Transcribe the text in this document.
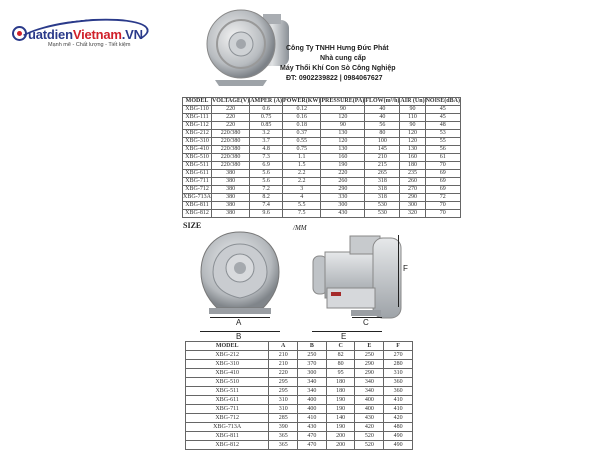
uatdienVietnam.VN
Mạnh mẽ - Chất lượng - Tiết kiệm	Công Ty TNHH Hưng Đức Phát
Nhà cung cấp
Máy Thổi Khí Con Sò Công Nghiệp
ĐT: 0902239822 | 0984067627
MODEL	VOLTAGE(V)	AMPER (A)	POWER(KW)	PRESSURE(PA)	FLOW(m³/h)	AIR (Un)	NOISE(dBA)
XBG-110	220	0.6	0.12	90	40	90	45
XBG-111	220	0.75	0.16	120	40	110	45
XBG-112	220	0.85	0.18	90	56	90	48
XBG-212	220/380	3.2	0.37	130	80	120	53
XBG-310	220/380	3.7	0.55	120	100	120	55
XBG-410	220/380	4.8	0.75	130	145	130	56
XBG-510	220/380	7.3	1.1	160	210	160	61
XBG-511	220/380	6.9	1.5	190	215	180	70
XBG-611	380	5.6	2.2	220	265	235	69
XBG-711	380	5.6	2.2	260	318	260	69
XBG-712	380	7.2	3	290	318	270	69
XBG-713A	380	8.2	4	330	318	290	72
XBG-811	380	7.4	5.5	300	530	300	70
XBG-812	380	9.6	7.5	430	530	320	70
SIZE	/MM
A
B
C
E
F
MODEL	A	B	C	E	F
XBG-212	210	250	82	250	270
XBG-310	210	370	80	290	280
XBG-410	220	300	95	290	310
XBG-510	295	340	180	340	360
XBG-511	295	340	180	340	360
XBG-611	310	400	190	400	410
XBG-711	310	400	190	400	410
XBG-712	285	410	140	430	420
XBG-713A	390	430	190	420	480
XBG-811	365	470	200	520	490
XBG-812	365	470	200	520	490
